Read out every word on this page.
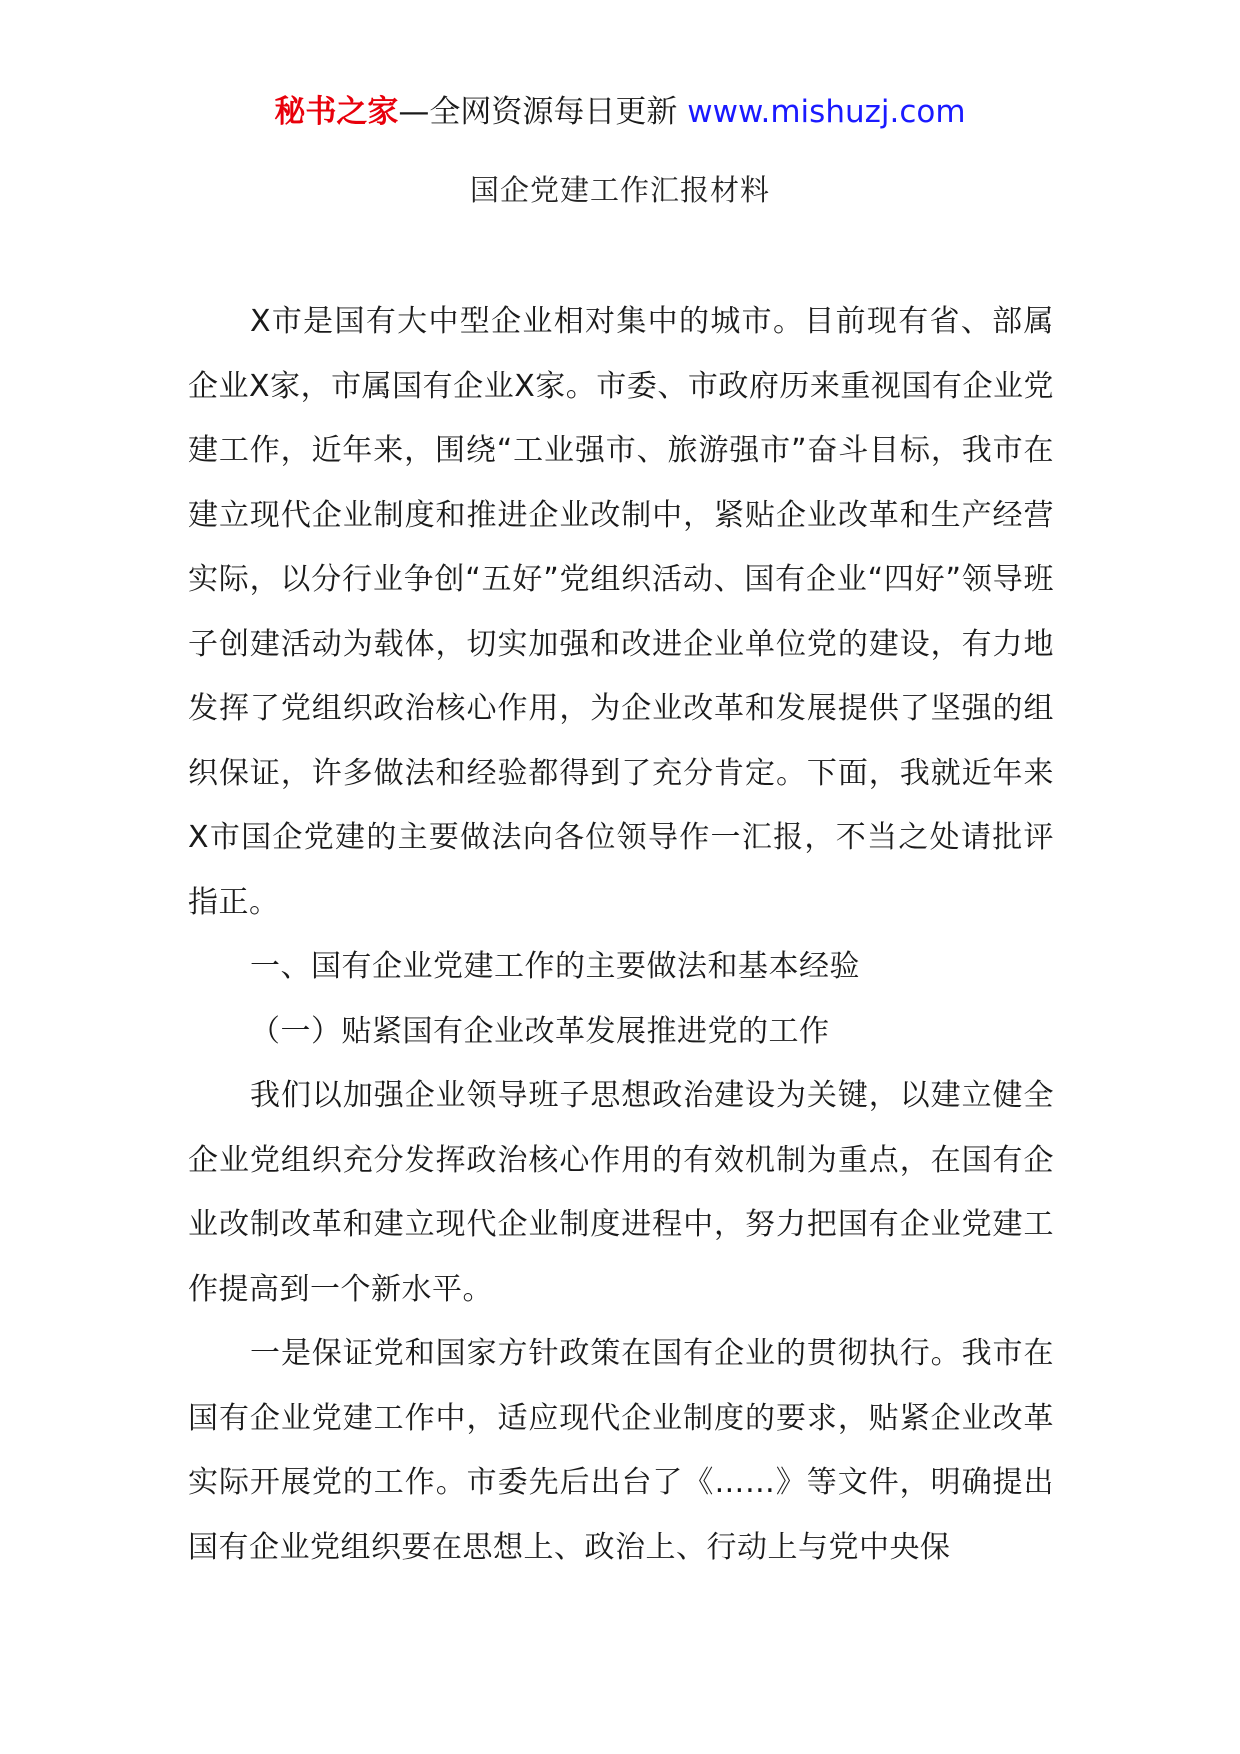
秘书之家—全网资源每日更新 www.mishuzj.com
国企党建工作汇报材料

X市是国有大中型企业相对集中的城市。目前现有省、部属企业X家，市属国有企业X家。市委、市政府历来重视国有企业党建工作，近年来，围绕“工业强市、旅游强市”奋斗目标，我市在建立现代企业制度和推进企业改制中，紧贴企业改革和生产经营实际，以分行业争创“五好”党组织活动、国有企业“四好”领导班子创建活动为载体，切实加强和改进企业单位党的建设，有力地发挥了党组织政治核心作用，为企业改革和发展提供了坚强的组织保证，许多做法和经验都得到了充分肯定。下面，我就近年来X市国企党建的主要做法向各位领导作一汇报，不当之处请批评指正。

一、国有企业党建工作的主要做法和基本经验

（一）贴紧国有企业改革发展推进党的工作

我们以加强企业领导班子思想政治建设为关键，以建立健全企业党组织充分发挥政治核心作用的有效机制为重点，在国有企业改制改革和建立现代企业制度进程中，努力把国有企业党建工作提高到一个新水平。

一是保证党和国家方针政策在国有企业的贯彻执行。我市在国有企业党建工作中，适应现代企业制度的要求，贴紧企业改革实际开展党的工作。市委先后出台了《……》等文件，明确提出国有企业党组织要在思想上、政治上、行动上与党中央保
